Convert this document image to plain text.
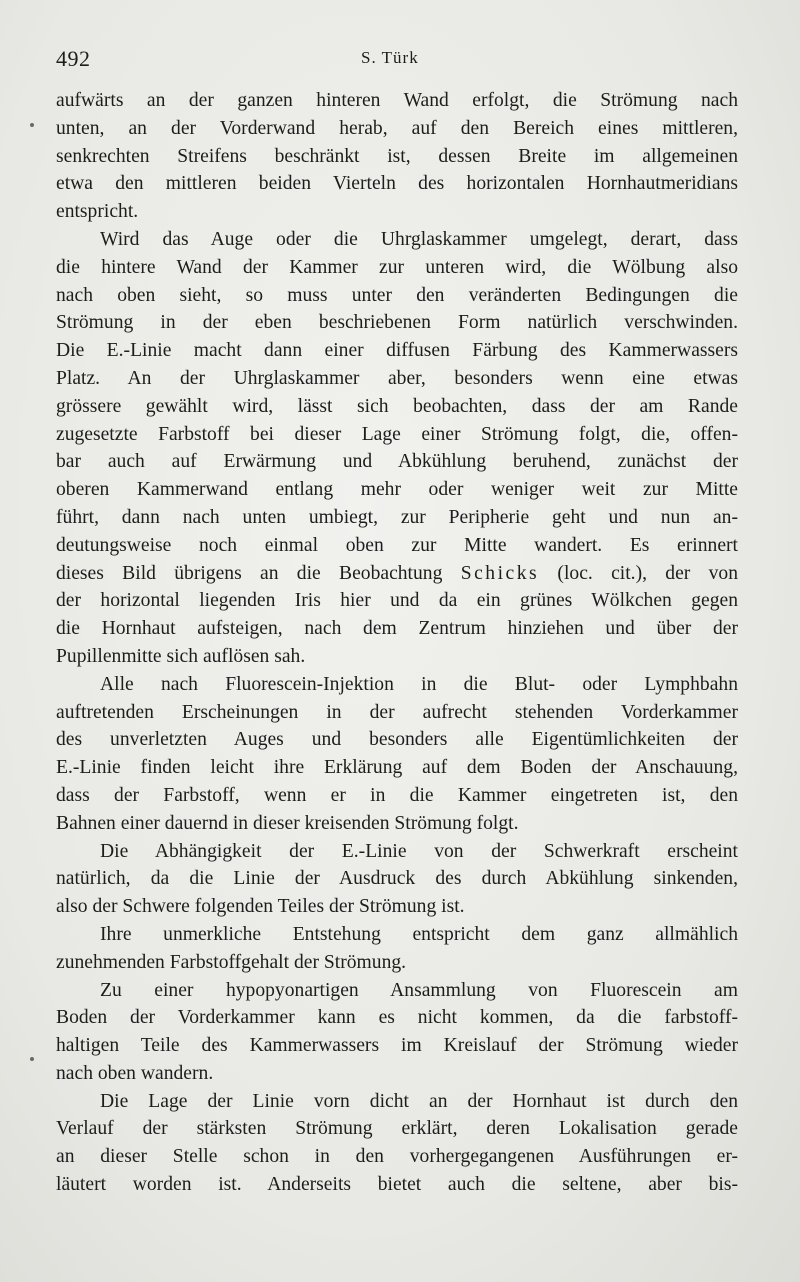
492	S. Türk
aufwärts an der ganzen hinteren Wand erfolgt, die Strömung nach
unten, an der Vorderwand herab, auf den Bereich eines mittleren,
senkrechten Streifens beschränkt ist, dessen Breite im allgemeinen
etwa den mittleren beiden Vierteln des horizontalen Hornhautmeridians
entspricht.
Wird das Auge oder die Uhrglaskammer umgelegt, derart, dass
die hintere Wand der Kammer zur unteren wird, die Wölbung also
nach oben sieht, so muss unter den veränderten Bedingungen die
Strömung in der eben beschriebenen Form natürlich verschwinden.
Die E.-Linie macht dann einer diffusen Färbung des Kammerwassers
Platz. An der Uhrglaskammer aber, besonders wenn eine etwas
grössere gewählt wird, lässt sich beobachten, dass der am Rande
zugesetzte Farbstoff bei dieser Lage einer Strömung folgt, die, offen-
bar auch auf Erwärmung und Abkühlung beruhend, zunächst der
oberen Kammerwand entlang mehr oder weniger weit zur Mitte
führt, dann nach unten umbiegt, zur Peripherie geht und nun an-
deutungsweise noch einmal oben zur Mitte wandert. Es erinnert
dieses Bild übrigens an die Beobachtung Schicks (loc. cit.), der von
der horizontal liegenden Iris hier und da ein grünes Wölkchen gegen
die Hornhaut aufsteigen, nach dem Zentrum hinziehen und über der
Pupillenmitte sich auflösen sah.
Alle nach Fluorescein-Injektion in die Blut- oder Lymphbahn
auftretenden Erscheinungen in der aufrecht stehenden Vorderkammer
des unverletzten Auges und besonders alle Eigentümlichkeiten der
E.-Linie finden leicht ihre Erklärung auf dem Boden der Anschauung,
dass der Farbstoff, wenn er in die Kammer eingetreten ist, den
Bahnen einer dauernd in dieser kreisenden Strömung folgt.
Die Abhängigkeit der E.-Linie von der Schwerkraft erscheint
natürlich, da die Linie der Ausdruck des durch Abkühlung sinkenden,
also der Schwere folgenden Teiles der Strömung ist.
Ihre unmerkliche Entstehung entspricht dem ganz allmählich
zunehmenden Farbstoffgehalt der Strömung.
Zu einer hypopyonartigen Ansammlung von Fluorescein am
Boden der Vorderkammer kann es nicht kommen, da die farbstoff-
haltigen Teile des Kammerwassers im Kreislauf der Strömung wieder
nach oben wandern.
Die Lage der Linie vorn dicht an der Hornhaut ist durch den
Verlauf der stärksten Strömung erklärt, deren Lokalisation gerade
an dieser Stelle schon in den vorhergegangenen Ausführungen er-
läutert worden ist. Anderseits bietet auch die seltene, aber bis-
